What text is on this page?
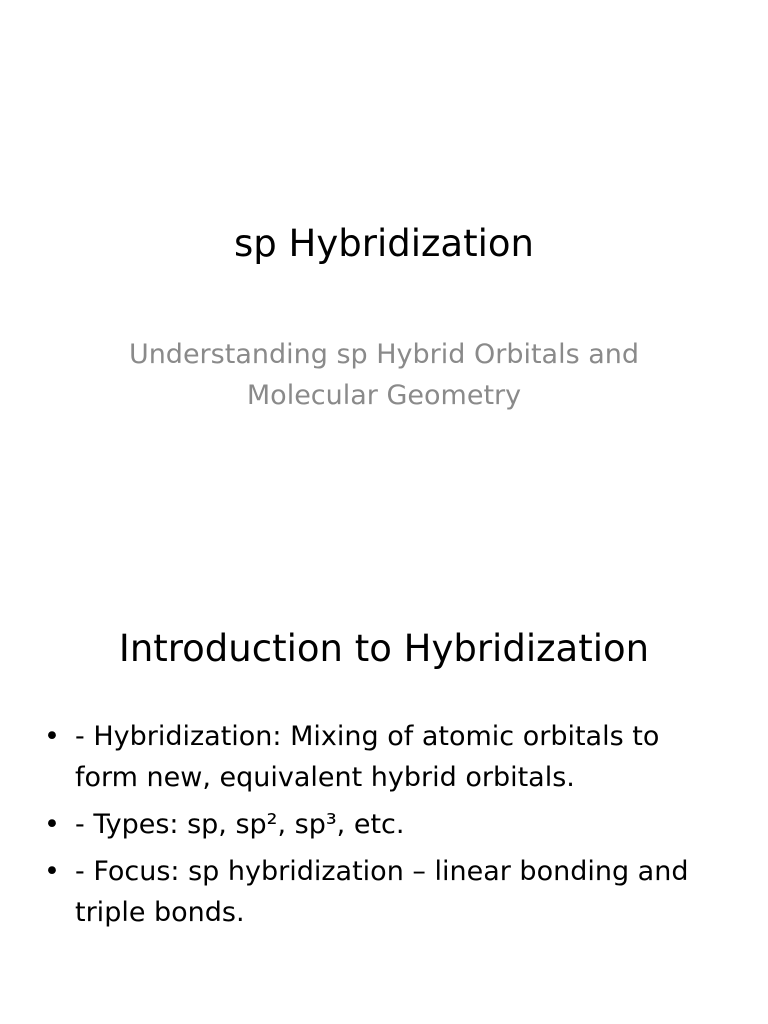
sp Hybridization
Understanding sp Hybrid Orbitals and Molecular Geometry
Introduction to Hybridization
• - Hybridization: Mixing of atomic orbitals to form new, equivalent hybrid orbitals.
• - Types: sp, sp², sp³, etc.
• - Focus: sp hybridization – linear bonding and triple bonds.
